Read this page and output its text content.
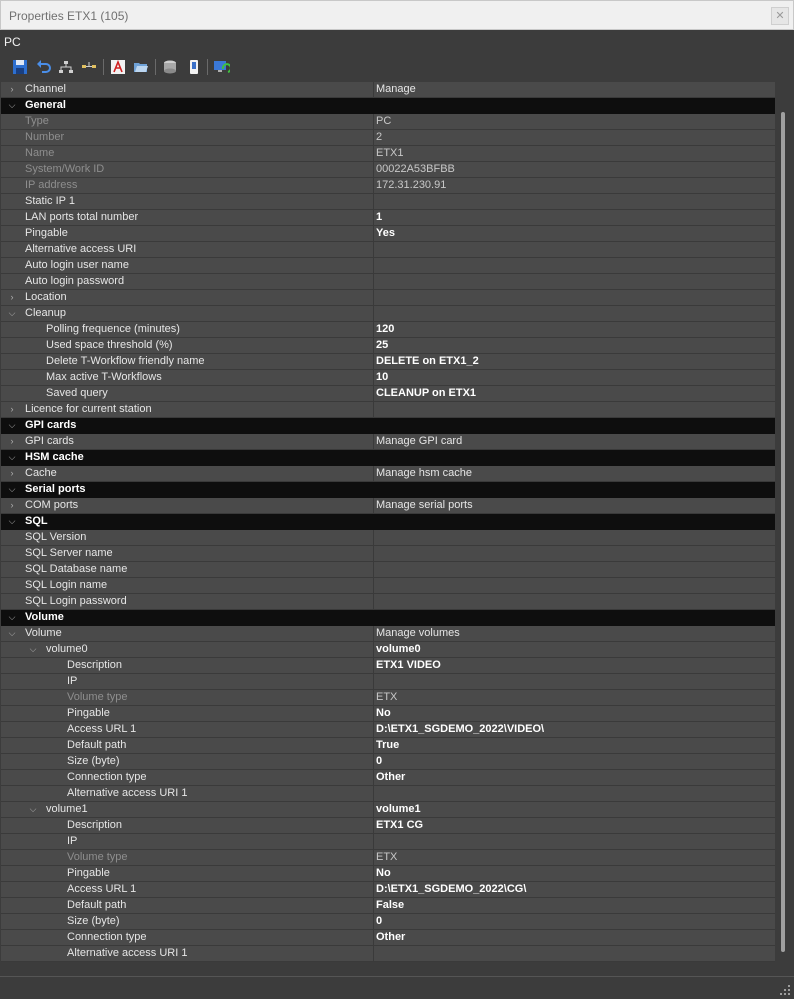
Properties ETX1 (105)	✕
PC
›	Channel	Manage
⌵ General
Type	PC
Number	2
Name	ETX1
System/Work ID	00022A53BFBB
IP address	172.31.230.91
Static IP 1
LAN ports total number	1
Pingable	Yes
Alternative access URI
Auto login user name
Auto login password
›	Location
⌵ Cleanup
Polling frequence (minutes)	120
Used space threshold (%)	25
Delete T-Workflow friendly name	DELETE on ETX1_2
Max active T-Workflows	10
Saved query	CLEANUP on ETX1
›	Licence for current station
⌵ GPI cards
›	GPI cards	Manage GPI card
⌵ HSM cache
›	Cache	Manage hsm cache
⌵ Serial ports
›	COM ports	Manage serial ports
⌵ SQL
SQL Version
SQL Server name
SQL Database name
SQL Login name
SQL Login password
⌵ Volume
⌵ Volume	Manage volumes
⌵ volume0	volume0
Description	ETX1 VIDEO
IP
Volume type	ETX
Pingable	No
Access URL 1	D:\ETX1_SGDEMO_2022\VIDEO\
Default path	True
Size (byte)	0
Connection type	Other
Alternative access URI 1
⌵ volume1	volume1
Description	ETX1 CG
IP
Volume type	ETX
Pingable	No
Access URL 1	D:\ETX1_SGDEMO_2022\CG\
Default path	False
Size (byte)	0
Connection type	Other
Alternative access URI 1
